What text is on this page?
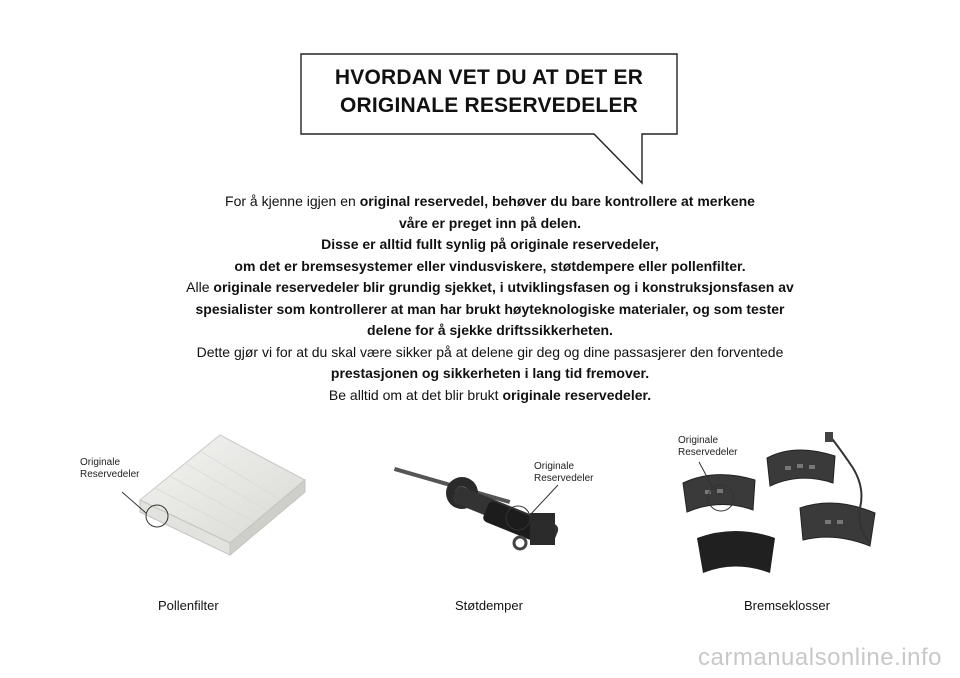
HVORDAN VET DU AT DET ER
ORIGINALE RESERVEDELER
For å kjenne igjen en original reservedel, behøver du bare kontrollere at merkene
våre er preget inn på delen.
Disse er alltid fullt synlig på originale reservedeler,
om det er bremsesystemer eller vindusviskere, støtdempere eller pollenfilter.
Alle originale reservedeler blir grundig sjekket, i utviklingsfasen og i konstruksjonsfasen av
spesialister som kontrollerer at man har brukt høyteknologiske materialer, og som tester
delene for å sjekke driftssikkerheten.
Dette gjør vi for at du skal være sikker på at delene gir deg og dine passasjerer den forventede
prestasjonen og sikkerheten i lang tid fremover.
Be alltid om at det blir brukt originale reservedeler.
Originale
Reservedeler
Pollenfilter
Originale
Reservedeler
Støtdemper
Originale
Reservedeler
Bremseklosser
carmanualsonline.info
